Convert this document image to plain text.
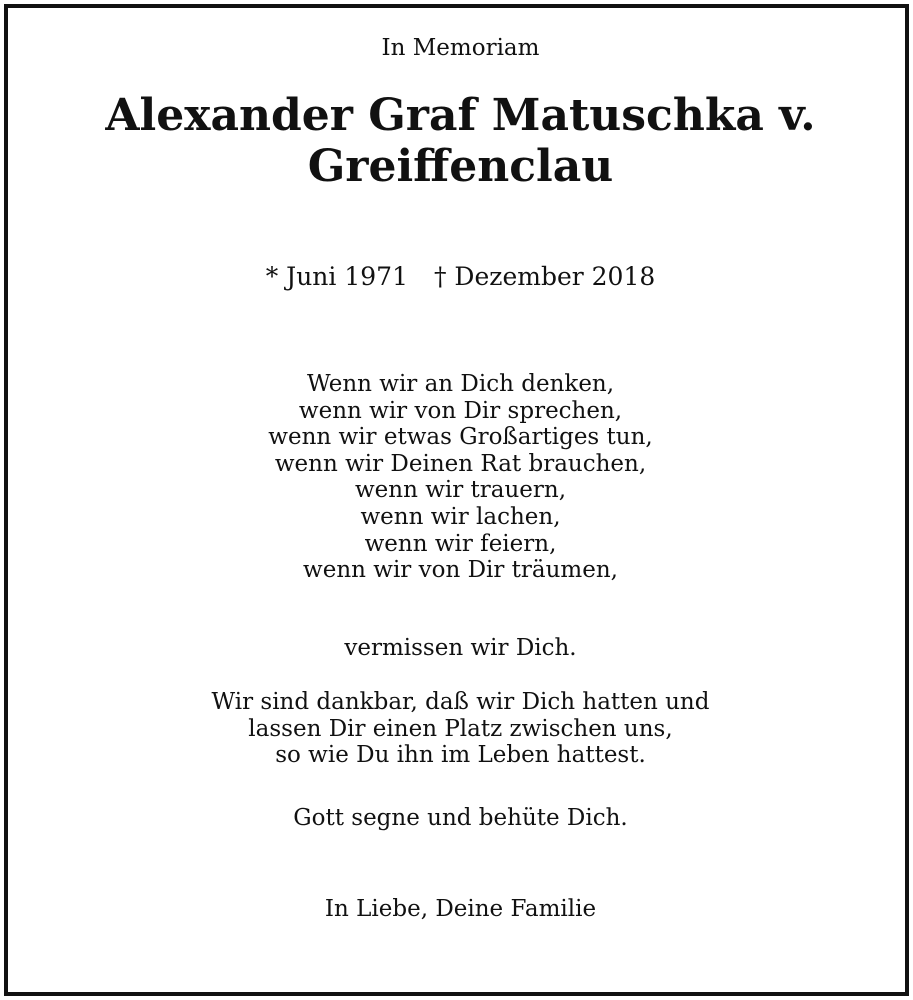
In Memoriam
Alexander Graf Matuschka v.
Greiffenclau
* Juni 1971 † Dezember 2018
Wenn wir an Dich denken,
wenn wir von Dir sprechen,
wenn wir etwas Großartiges tun,
wenn wir Deinen Rat brauchen,
wenn wir trauern,
wenn wir lachen,
wenn wir feiern,
wenn wir von Dir träumen,
vermissen wir Dich.
Wir sind dankbar, daß wir Dich hatten und
lassen Dir einen Platz zwischen uns,
so wie Du ihn im Leben hattest.
Gott segne und behüte Dich.
In Liebe, Deine Familie
